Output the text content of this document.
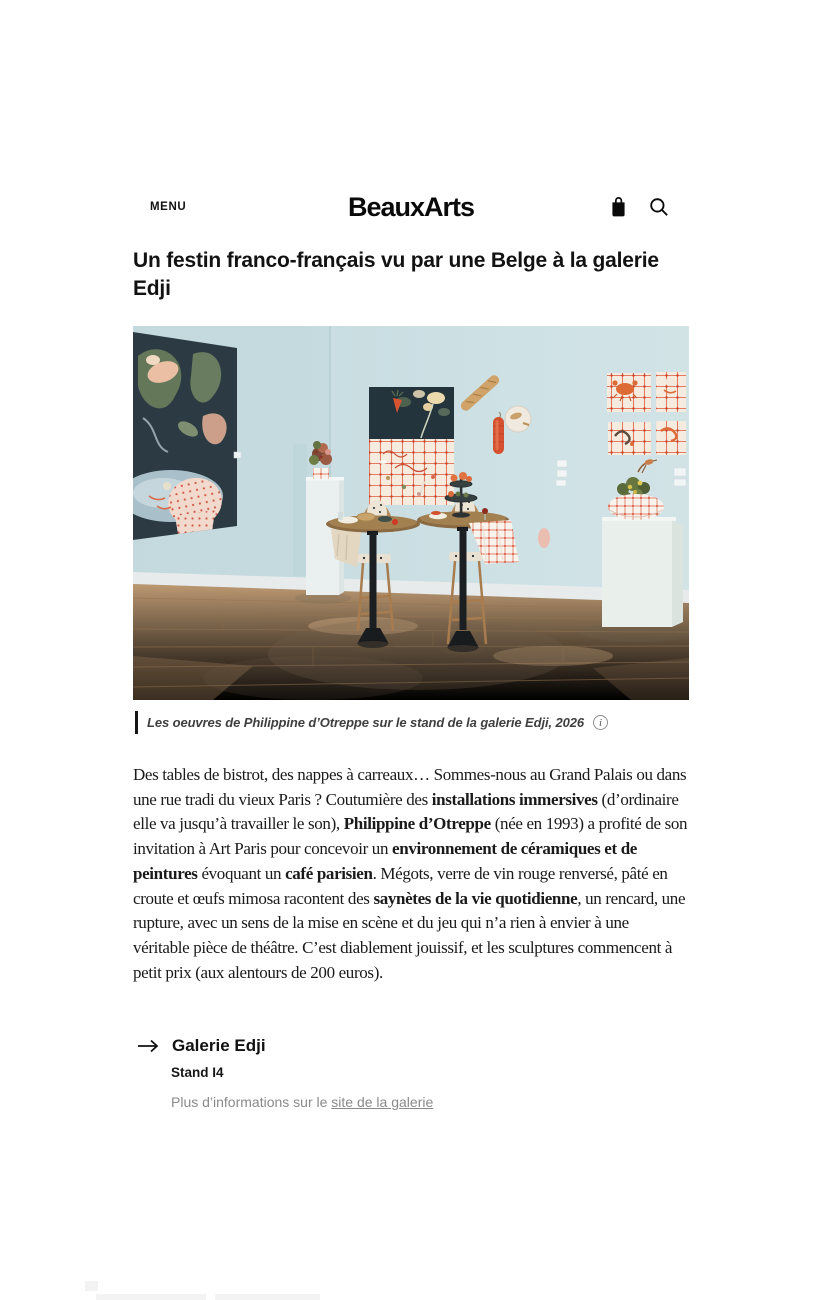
MENU	BeauxArts
Un festin franco-français vu par une Belge à la galerie Edji
Les oeuvres de Philippine d’Otreppe sur le stand de la galerie Edji, 2026	i

Des tables de bistrot, des nappes à carreaux… Sommes-nous au Grand Palais ou dans une rue tradi du vieux Paris ? Coutumière des installations immersives (d’ordinaire elle va jusqu’à travailler le son), Philippine d’Otreppe (née en 1993) a profité de son invitation à Art Paris pour concevoir un environnement de céramiques et de peintures évoquant un café parisien. Mégots, verre de vin rouge renversé, pâté en croute et œufs mimosa racontent des saynètes de la vie quotidienne, un rencard, une rupture, avec un sens de la mise en scène et du jeu qui n’a rien à envier à une véritable pièce de théâtre. C’est diablement jouissif, et les sculptures commencent à petit prix (aux alentours de 200 euros).

Galerie Edji
Stand I4
Plus d’informations sur le site de la galerie
